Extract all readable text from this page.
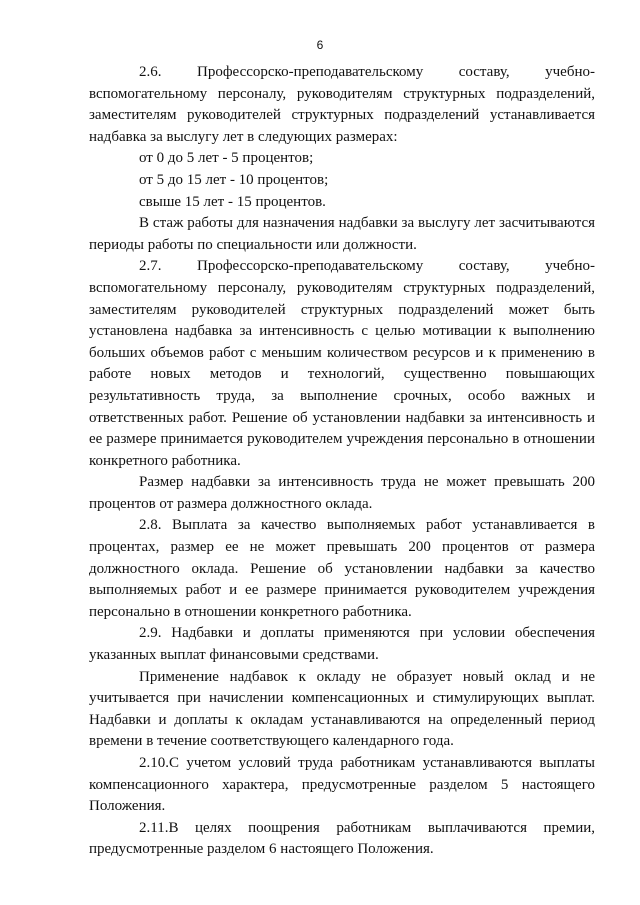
6

2.6. Профессорско-преподавательскому составу, учебно-вспомогательному персоналу, руководителям структурных подразделений, заместителям руководителей структурных подразделений устанавливается надбавка за выслугу лет в следующих размерах:

от 0 до 5 лет - 5 процентов;

от 5 до 15 лет - 10 процентов;

свыше 15 лет - 15 процентов.

В стаж работы для назначения надбавки за выслугу лет засчитываются периоды работы по специальности или должности.

2.7. Профессорско-преподавательскому составу, учебно-вспомогательному персоналу, руководителям структурных подразделений, заместителям руководителей структурных подразделений может быть установлена надбавка за интенсивность с целью мотивации к выполнению больших объемов работ с меньшим количеством ресурсов и к применению в работе новых методов и технологий, существенно повышающих результативность труда, за выполнение срочных, особо важных и ответственных работ. Решение об установлении надбавки за интенсивность и ее размере принимается руководителем учреждения персонально в отношении конкретного работника.

Размер надбавки за интенсивность труда не может превышать 200 процентов от размера должностного оклада.

2.8. Выплата за качество выполняемых работ устанавливается в процентах, размер ее не может превышать 200 процентов от размера должностного оклада. Решение об установлении надбавки за качество выполняемых работ и ее размере принимается руководителем учреждения персонально в отношении конкретного работника.

2.9. Надбавки и доплаты применяются при условии обеспечения указанных выплат финансовыми средствами.

Применение надбавок к окладу не образует новый оклад и не учитывается при начислении компенсационных и стимулирующих выплат. Надбавки и доплаты к окладам устанавливаются на определенный период времени в течение соответствующего календарного года.

2.10.С учетом условий труда работникам устанавливаются выплаты компенсационного характера, предусмотренные разделом 5 настоящего Положения.

2.11.В целях поощрения работникам выплачиваются премии, предусмотренные разделом 6 настоящего Положения.
